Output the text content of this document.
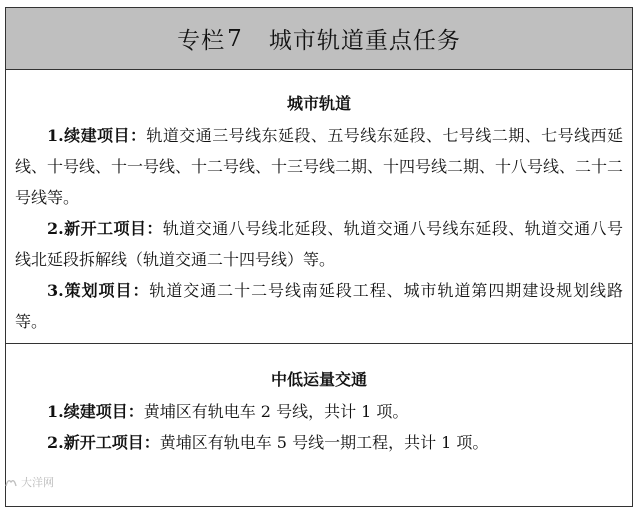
专栏 7 城市轨道重点任务
城市轨道

1.续建项目：轨道交通三号线东延段、五号线东延段、七号线二期、七号线西延线、十号线、十一号线、十二号线、十三号线二期、十四号线二期、十八号线、二十二号线等。

2.新开工项目：轨道交通八号线北延段、轨道交通八号线东延段、轨道交通八号线北延段拆解线（轨道交通二十四号线）等。

3.策划项目：轨道交通二十二号线南延段工程、城市轨道第四期建设规划线路等。

中低运量交通

1.续建项目：黄埔区有轨电车 2 号线，共计 1 项。

2.新开工项目：黄埔区有轨电车 5 号线一期工程，共计 1 项。

大洋网
